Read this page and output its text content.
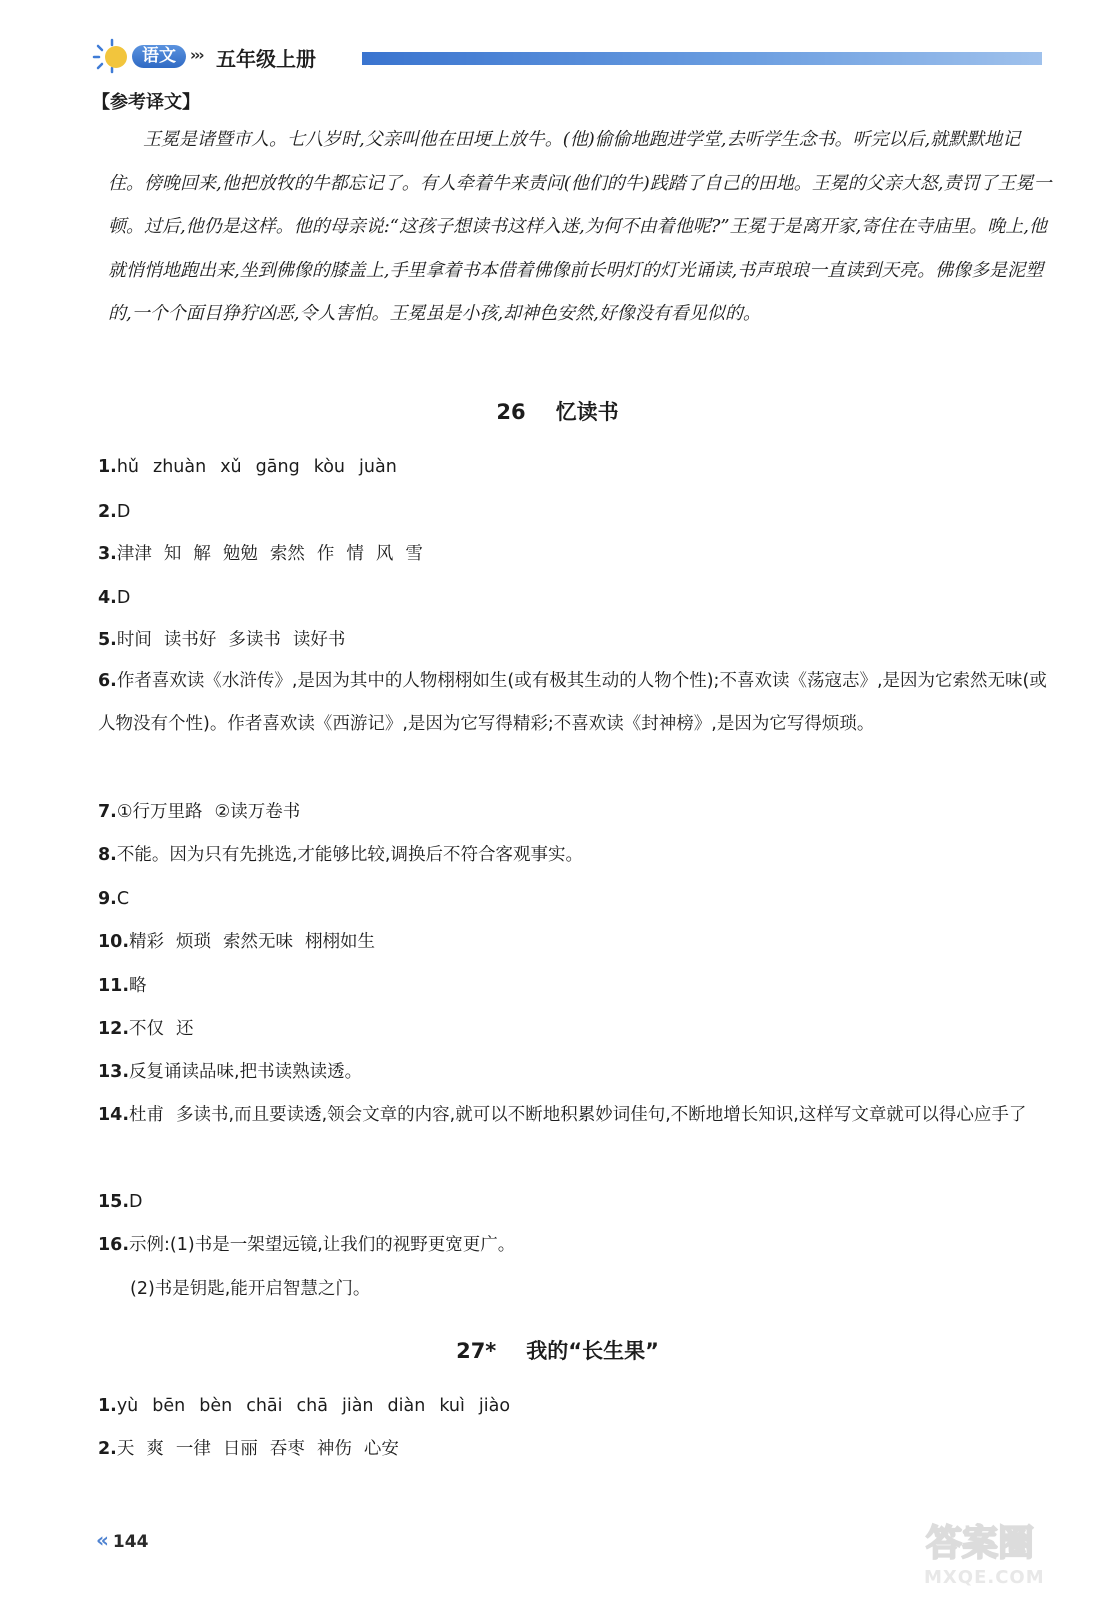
语文 ››› 五年级上册
【参考译文】

王冕是诸暨市人。七八岁时,父亲叫他在田埂上放牛。(他)偷偷地跑进学堂,去听学生念书。听完以后,就默默地记住。傍晚回来,他把放牧的牛都忘记了。有人牵着牛来责问(他们的牛)践踏了自己的田地。王冕的父亲大怒,责罚了王冕一顿。过后,他仍是这样。他的母亲说:“这孩子想读书这样入迷,为何不由着他呢?”王冕于是离开家,寄住在寺庙里。晚上,他就悄悄地跑出来,坐到佛像的膝盖上,手里拿着书本借着佛像前长明灯的灯光诵读,书声琅琅一直读到天亮。佛像多是泥塑的,一个个面目狰狞凶恶,令人害怕。王冕虽是小孩,却神色安然,好像没有看见似的。

26 忆读书

1.hǔ zhuàn xǔ gāng kòu juàn

2.D

3.津津 知 解 勉勉 索然 作 情 风 雪

4.D

5.时间 读书好 多读书 读好书

6.作者喜欢读《水浒传》,是因为其中的人物栩栩如生(或有极其生动的人物个性);不喜欢读《荡寇志》,是因为它索然无味(或人物没有个性)。作者喜欢读《西游记》,是因为它写得精彩;不喜欢读《封神榜》,是因为它写得烦琐。

7.①行万里路 ②读万卷书

8.不能。因为只有先挑选,才能够比较,调换后不符合客观事实。

9.C

10.精彩 烦琐 索然无味 栩栩如生

11.略

12.不仅 还

13.反复诵读品味,把书读熟读透。

14.杜甫 多读书,而且要读透,领会文章的内容,就可以不断地积累妙词佳句,不断地增长知识,这样写文章就可以得心应手了

15.D

16.示例:(1)书是一架望远镜,让我们的视野更宽更广。

(2)书是钥匙,能开启智慧之门。

27* 我的“长生果”

1.yù bēn bèn chāi chā jiàn diàn kuì jiào

2.天 爽 一律 日丽 吞枣 神伤 心安

« 144	答案圈
MXQE.COM
